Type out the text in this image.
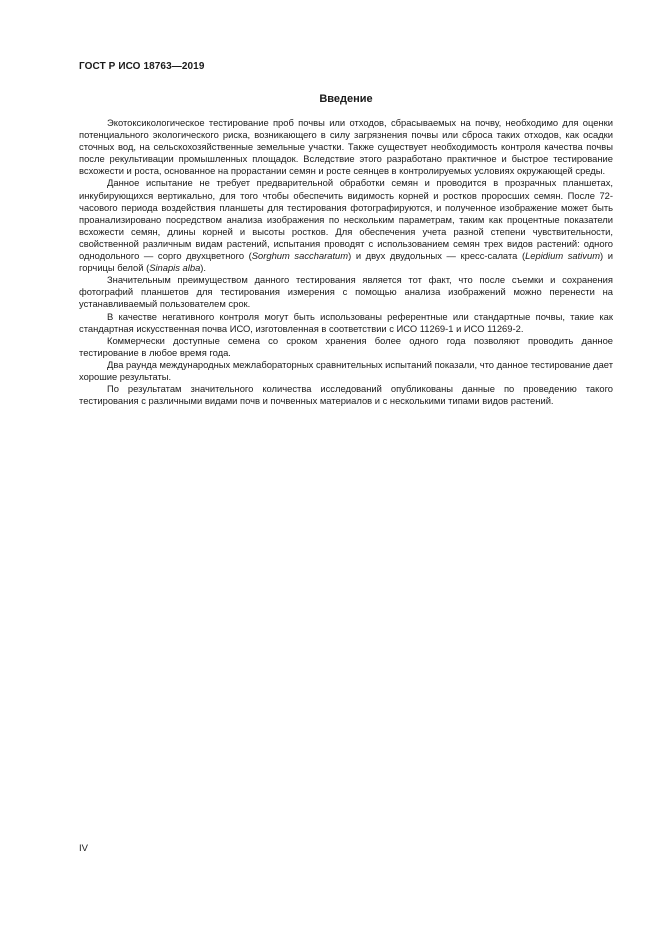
ГОСТ Р ИСО 18763—2019
Введение

Экотоксикологическое тестирование проб почвы или отходов, сбрасываемых на почву, необходимо для оценки потенциального экологического риска, возникающего в силу загрязнения почвы или сброса таких отходов, как осадки сточных вод, на сельскохозяйственные земельные участки. Также существует необходимость контроля качества почвы после рекультивации промышленных площадок. Вследствие этого разработано практичное и быстрое тестирование всхожести и роста, основанное на прорастании семян и росте сеянцев в контролируемых условиях окружающей среды.

Данное испытание не требует предварительной обработки семян и проводится в прозрачных планшетах, инкубирующихся вертикально, для того чтобы обеспечить видимость корней и ростков проросших семян. После 72-часового периода воздействия планшеты для тестирования фотографируются, и полученное изображение может быть проанализировано посредством анализа изображения по нескольким параметрам, таким как процентные показатели всхожести семян, длины корней и высоты ростков. Для обеспечения учета разной степени чувствительности, свойственной различным видам растений, испытания проводят с использованием семян трех видов растений: одного однодольного — сорго двухцветного (Sorghum saccharatum) и двух двудольных — кресс-салата (Lepidium sativum) и горчицы белой (Sinapis alba).

Значительным преимуществом данного тестирования является тот факт, что после съемки и сохранения фотографий планшетов для тестирования измерения с помощью анализа изображений можно перенести на устанавливаемый пользователем срок.

В качестве негативного контроля могут быть использованы референтные или стандартные почвы, такие как стандартная искусственная почва ИСО, изготовленная в соответствии с ИСО 11269-1 и ИСО 11269-2.

Коммерчески доступные семена со сроком хранения более одного года позволяют проводить данное тестирование в любое время года.

Два раунда международных межлабораторных сравнительных испытаний показали, что данное тестирование дает хорошие результаты.

По результатам значительного количества исследований опубликованы данные по проведению такого тестирования с различными видами почв и почвенных материалов и с несколькими типами видов растений.

IV
